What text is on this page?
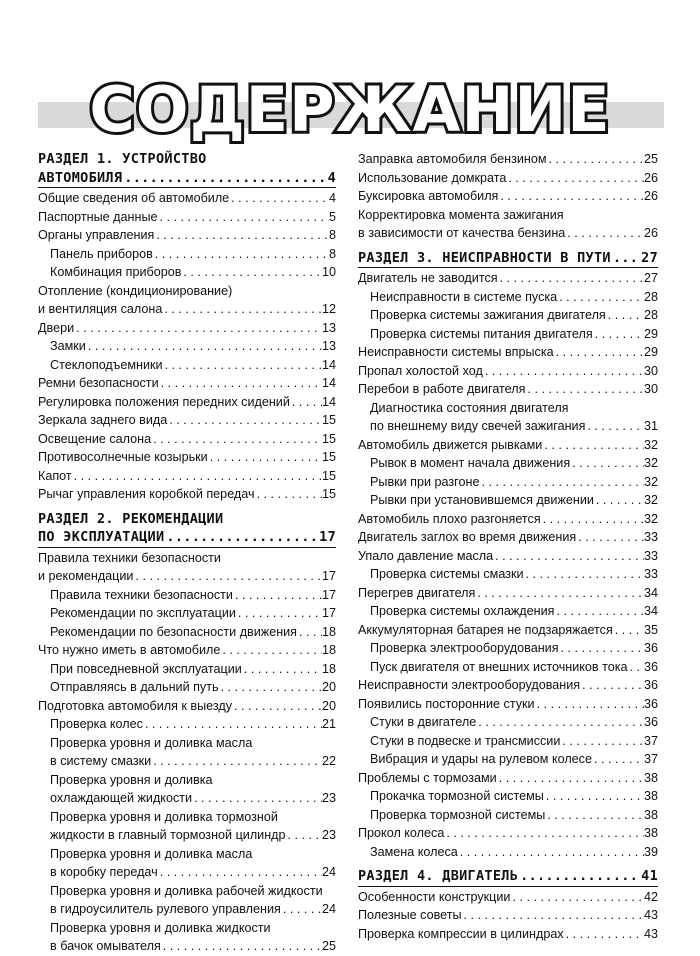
СОДЕРЖАНИЕ
РАЗДЕЛ 1. УСТРОЙСТВО
АВТОМОБИЛЯ .....	4
Общие сведения об автомобиле . . .	4
Паспортные данные . . .	5
Органы управления . . .	8
Панель приборов . . .	8
Комбинация приборов . . .	10
Отопление (кондиционирование)
и вентиляция салона . . .	12
Двери . . .	13
Замки . . .	13
Стеклоподъемники . . .	14
Ремни безопасности . . .	14
Регулировка положения передних сидений . . .	14
Зеркала заднего вида . . .	15
Освещение салона . . .	15
Противосолнечные козырьки . . .	15
Капот . . .	15
Рычаг управления коробкой передач . . .	15
РАЗДЕЛ 2. РЕКОМЕНДАЦИИ
ПО ЭКСПЛУАТАЦИИ .....	17
Правила техники безопасности
и рекомендации . . .	17
Правила техники безопасности . . .	17
Рекомендации по эксплуатации . . .	17
Рекомендации по безопасности движения . . . 18
Что нужно иметь в автомобиле . . .	18
При повседневной эксплуатации . . .	18
Отправляясь в дальний путь . . .	20
Подготовка автомобиля к выезду . . .	20
Проверка колес . . .	21
Проверка уровня и доливка масла
в систему смазки . . .	22
Проверка уровня и доливка
охлаждающей жидкости . . .	23
Проверка уровня и доливка тормозной
жидкости в главный тормозной цилиндр . . .	23
Проверка уровня и доливка масла
в коробку передач . . .	24
Проверка уровня и доливка рабочей жидкости
в гидроусилитель рулевого управления . . .	24
Проверка уровня и доливка жидкости
в бачок омывателя . . .	25
Заправка автомобиля бензином . . .	25
Использование домкрата . . .	26
Буксировка автомобиля . . .	26
Корректировка момента зажигания
в зависимости от качества бензина . . .	26
РАЗДЕЛ 3. НЕИСПРАВНОСТИ В ПУТИ ..... 27
Двигатель не заводится . . .	27
Неисправности в системе пуска . . .	28
Проверка системы зажигания двигателя . . .	28
Проверка системы питания двигателя . . .	29
Неисправности системы впрыска . . .	29
Пропал холостой ход . . .	30
Перебои в работе двигателя . . .	30
Диагностика состояния двигателя
по внешнему виду свечей зажигания . . .	31
Автомобиль движется рывками . . .	32
Рывок в момент начала движения . . .	32
Рывки при разгоне . . .	32
Рывки при установившемся движении . . .	32
Автомобиль плохо разгоняется . . .	32
Двигатель заглох во время движения . . .	33
Упало давление масла . . .	33
Проверка системы смазки . . .	33
Перегрев двигателя . . .	34
Проверка системы охлаждения . . .	34
Аккумуляторная батарея не подзаряжается . . . 35
Проверка электрооборудования . . .	36
Пуск двигателя от внешних источников тока . . . 36
Неисправности электрооборудования . . .	36
Появились посторонние стуки . . .	36
Стуки в двигателе . . .	36
Стуки в подвеске и трансмиссии . . .	37
Вибрация и удары на рулевом колесе . . .	37
Проблемы с тормозами . . .	38
Прокачка тормозной системы . . .	38
Проверка тормозной системы . . .	38
Прокол колеса . . .	38
Замена колеса . . .	39
РАЗДЕЛ 4. ДВИГАТЕЛЬ .....	41
Особенности конструкции . . .	42
Полезные советы . . .	43
Проверка компрессии в цилиндрах . . .	43
